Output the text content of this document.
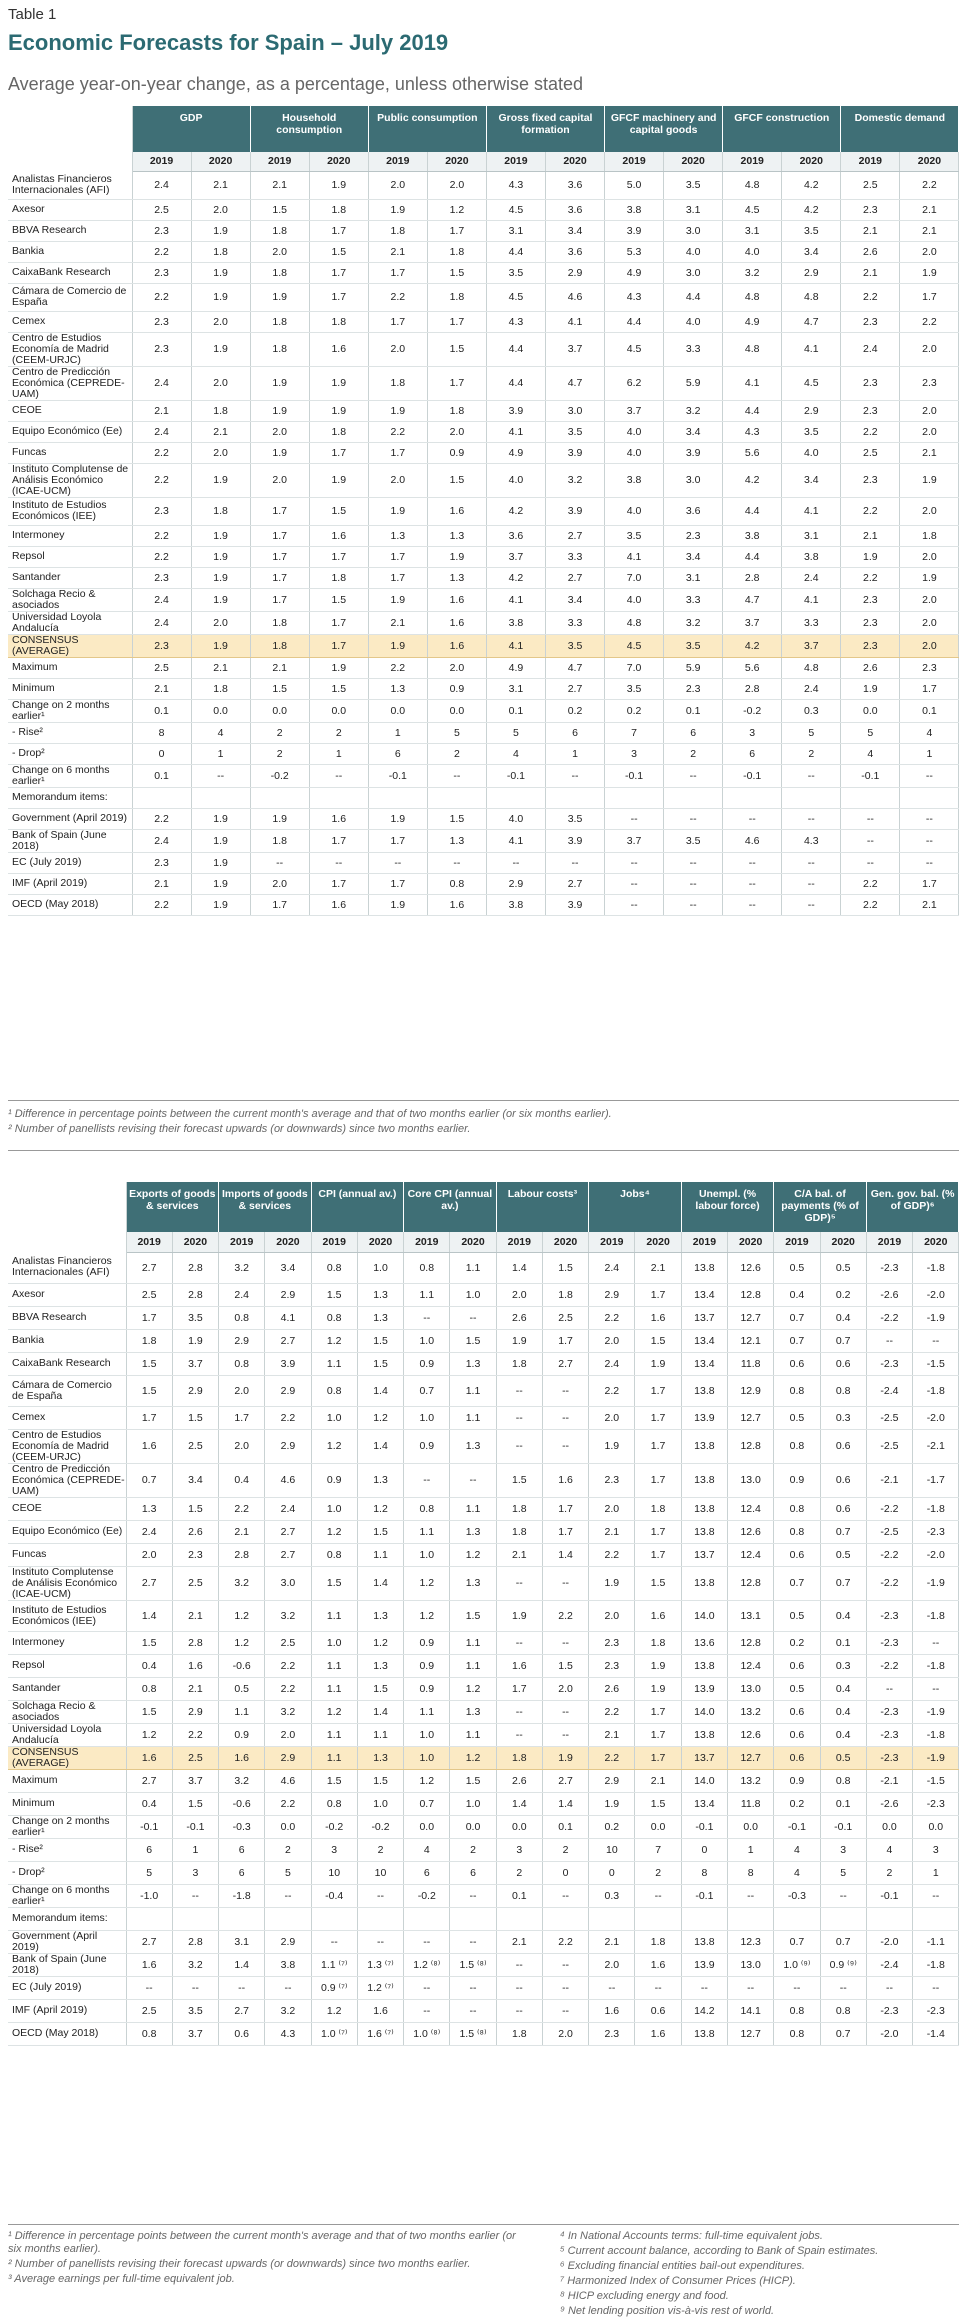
Table 1
Economic Forecasts for Spain – July 2019
Average year-on-year change, as a percentage, unless otherwise stated
	GDP		Household consumption		Public consumption		Gross fixed capital formation		GFCF machinery and capital goods		GFCF construction		Domestic demand	
	2019	2020	2019	2020	2019	2020	2019	2020	2019	2020	2019	2020	2019	2020
Analistas Financieros Internacionales (AFI)	2.4	2.1	2.1	1.9	2.0	2.0	4.3	3.6	5.0	3.5	4.8	4.2	2.5	2.2
Axesor	2.5	2.0	1.5	1.8	1.9	1.2	4.5	3.6	3.8	3.1	4.5	4.2	2.3	2.1
BBVA Research	2.3	1.9	1.8	1.7	1.8	1.7	3.1	3.4	3.9	3.0	3.1	3.5	2.1	2.1
Bankia	2.2	1.8	2.0	1.5	2.1	1.8	4.4	3.6	5.3	4.0	4.0	3.4	2.6	2.0
CaixaBank Research	2.3	1.9	1.8	1.7	1.7	1.5	3.5	2.9	4.9	3.0	3.2	2.9	2.1	1.9
Cámara de Comercio de España	2.2	1.9	1.9	1.7	2.2	1.8	4.5	4.6	4.3	4.4	4.8	4.8	2.2	1.7
Cemex	2.3	2.0	1.8	1.8	1.7	1.7	4.3	4.1	4.4	4.0	4.9	4.7	2.3	2.2
Centro de Estudios Economía de Madrid (CEEM-URJC)	2.3	1.9	1.8	1.6	2.0	1.5	4.4	3.7	4.5	3.3	4.8	4.1	2.4	2.0
Centro de Predicción Económica (CEPREDE-UAM)	2.4	2.0	1.9	1.9	1.8	1.7	4.4	4.7	6.2	5.9	4.1	4.5	2.3	2.3
CEOE	2.1	1.8	1.9	1.9	1.9	1.8	3.9	3.0	3.7	3.2	4.4	2.9	2.3	2.0
Equipo Económico (Ee)	2.4	2.1	2.0	1.8	2.2	2.0	4.1	3.5	4.0	3.4	4.3	3.5	2.2	2.0
Funcas	2.2	2.0	1.9	1.7	1.7	0.9	4.9	3.9	4.0	3.9	5.6	4.0	2.5	2.1
Instituto Complutense de Análisis Económico (ICAE-UCM)	2.2	1.9	2.0	1.9	2.0	1.5	4.0	3.2	3.8	3.0	4.2	3.4	2.3	1.9
Instituto de Estudios Económicos (IEE)	2.3	1.8	1.7	1.5	1.9	1.6	4.2	3.9	4.0	3.6	4.4	4.1	2.2	2.0
Intermoney	2.2	1.9	1.7	1.6	1.3	1.3	3.6	2.7	3.5	2.3	3.8	3.1	2.1	1.8
Repsol	2.2	1.9	1.7	1.7	1.7	1.9	3.7	3.3	4.1	3.4	4.4	3.8	1.9	2.0
Santander	2.3	1.9	1.7	1.8	1.7	1.3	4.2	2.7	7.0	3.1	2.8	2.4	2.2	1.9
Solchaga Recio & asociados	2.4	1.9	1.7	1.5	1.9	1.6	4.1	3.4	4.0	3.3	4.7	4.1	2.3	2.0
Universidad Loyola Andalucía	2.4	2.0	1.8	1.7	2.1	1.6	3.8	3.3	4.8	3.2	3.7	3.3	2.3	2.0
CONSENSUS (AVERAGE)	2.3	1.9	1.8	1.7	1.9	1.6	4.1	3.5	4.5	3.5	4.2	3.7	2.3	2.0
Maximum	2.5	2.1	2.1	1.9	2.2	2.0	4.9	4.7	7.0	5.9	5.6	4.8	2.6	2.3
Minimum	2.1	1.8	1.5	1.5	1.3	0.9	3.1	2.7	3.5	2.3	2.8	2.4	1.9	1.7
Change on 2 months earlier¹	0.1	0.0	0.0	0.0	0.0	0.0	0.1	0.2	0.2	0.1	-0.2	0.3	0.0	0.1
- Rise²	8	4	2	2	1	5	5	6	7	6	3	5	5	4
- Drop²	0	1	2	1	6	2	4	1	3	2	6	2	4	1
Change on 6 months earlier¹	0.1	--	-0.2	--	-0.1	--	-0.1	--	-0.1	--	-0.1	--	-0.1	--
Memorandum items:														
Government (April 2019)	2.2	1.9	1.9	1.6	1.9	1.5	4.0	3.5	--	--	--	--	--	--
Bank of Spain (June 2018)	2.4	1.9	1.8	1.7	1.7	1.3	4.1	3.9	3.7	3.5	4.6	4.3	--	--
EC (July 2019)	2.3	1.9	--	--	--	--	--	--	--	--	--	--	--	--
IMF (April 2019)	2.1	1.9	2.0	1.7	1.7	0.8	2.9	2.7	--	--	--	--	2.2	1.7
OECD (May 2018)	2.2	1.9	1.7	1.6	1.9	1.6	3.8	3.9	--	--	--	--	2.2	2.1
¹ Difference in percentage points between the current month's average and that of two months earlier (or six months earlier).
² Number of panellists revising their forecast upwards (or downwards) since two months earlier.
	Exports of goods & services		Imports of goods & services		CPI (annual av.)		Core CPI (annual av.)		Labour costs³		Jobs⁴		Unempl. (% labour force)		C/A bal. of payments (% of GDP)⁵		Gen. gov. bal. (% of GDP)⁶	
	2019	2020	2019	2020	2019	2020	2019	2020	2019	2020	2019	2020	2019	2020	2019	2020	2019	2020
Analistas Financieros Internacionales (AFI)	2.7	2.8	3.2	3.4	0.8	1.0	0.8	1.1	1.4	1.5	2.4	2.1	13.8	12.6	0.5	0.5	-2.3	-1.8
Axesor	2.5	2.8	2.4	2.9	1.5	1.3	1.1	1.0	2.0	1.8	2.9	1.7	13.4	12.8	0.4	0.2	-2.6	-2.0
BBVA Research	1.7	3.5	0.8	4.1	0.8	1.3	--	--	2.6	2.5	2.2	1.6	13.7	12.7	0.7	0.4	-2.2	-1.9
Bankia	1.8	1.9	2.9	2.7	1.2	1.5	1.0	1.5	1.9	1.7	2.0	1.5	13.4	12.1	0.7	0.7	--	--
CaixaBank Research	1.5	3.7	0.8	3.9	1.1	1.5	0.9	1.3	1.8	2.7	2.4	1.9	13.4	11.8	0.6	0.6	-2.3	-1.5
Cámara de Comercio de España	1.5	2.9	2.0	2.9	0.8	1.4	0.7	1.1	--	--	2.2	1.7	13.8	12.9	0.8	0.8	-2.4	-1.8
Cemex	1.7	1.5	1.7	2.2	1.0	1.2	1.0	1.1	--	--	2.0	1.7	13.9	12.7	0.5	0.3	-2.5	-2.0
Centro de Estudios Economía de Madrid (CEEM-URJC)	1.6	2.5	2.0	2.9	1.2	1.4	0.9	1.3	--	--	1.9	1.7	13.8	12.8	0.8	0.6	-2.5	-2.1
Centro de Predicción Económica (CEPREDE-UAM)	0.7	3.4	0.4	4.6	0.9	1.3	--	--	1.5	1.6	2.3	1.7	13.8	13.0	0.9	0.6	-2.1	-1.7
CEOE	1.3	1.5	2.2	2.4	1.0	1.2	0.8	1.1	1.8	1.7	2.0	1.8	13.8	12.4	0.8	0.6	-2.2	-1.8
Equipo Económico (Ee)	2.4	2.6	2.1	2.7	1.2	1.5	1.1	1.3	1.8	1.7	2.1	1.7	13.8	12.6	0.8	0.7	-2.5	-2.3
Funcas	2.0	2.3	2.8	2.7	0.8	1.1	1.0	1.2	2.1	1.4	2.2	1.7	13.7	12.4	0.6	0.5	-2.2	-2.0
Instituto Complutense de Análisis Económico (ICAE-UCM)	2.7	2.5	3.2	3.0	1.5	1.4	1.2	1.3	--	--	1.9	1.5	13.8	12.8	0.7	0.7	-2.2	-1.9
Instituto de Estudios Económicos (IEE)	1.4	2.1	1.2	3.2	1.1	1.3	1.2	1.5	1.9	2.2	2.0	1.6	14.0	13.1	0.5	0.4	-2.3	-1.8
Intermoney	1.5	2.8	1.2	2.5	1.0	1.2	0.9	1.1	--	--	2.3	1.8	13.6	12.8	0.2	0.1	-2.3	--
Repsol	0.4	1.6	-0.6	2.2	1.1	1.3	0.9	1.1	1.6	1.5	2.3	1.9	13.8	12.4	0.6	0.3	-2.2	-1.8
Santander	0.8	2.1	0.5	2.2	1.1	1.5	0.9	1.2	1.7	2.0	2.6	1.9	13.9	13.0	0.5	0.4	--	--
Solchaga Recio & asociados	1.5	2.9	1.1	3.2	1.2	1.4	1.1	1.3	--	--	2.2	1.7	14.0	13.2	0.6	0.4	-2.3	-1.9
Universidad Loyola Andalucía	1.2	2.2	0.9	2.0	1.1	1.1	1.0	1.1	--	--	2.1	1.7	13.8	12.6	0.6	0.4	-2.3	-1.8
CONSENSUS (AVERAGE)	1.6	2.5	1.6	2.9	1.1	1.3	1.0	1.2	1.8	1.9	2.2	1.7	13.7	12.7	0.6	0.5	-2.3	-1.9
Maximum	2.7	3.7	3.2	4.6	1.5	1.5	1.2	1.5	2.6	2.7	2.9	2.1	14.0	13.2	0.9	0.8	-2.1	-1.5
Minimum	0.4	1.5	-0.6	2.2	0.8	1.0	0.7	1.0	1.4	1.4	1.9	1.5	13.4	11.8	0.2	0.1	-2.6	-2.3
Change on 2 months earlier¹	-0.1	-0.1	-0.3	0.0	-0.2	-0.2	0.0	0.0	0.0	0.1	0.2	0.0	-0.1	0.0	-0.1	-0.1	0.0	0.0
- Rise²	6	1	6	2	3	2	4	2	3	2	10	7	0	1	4	3	4	3
- Drop²	5	3	6	5	10	10	6	6	2	0	0	2	8	8	4	5	2	1
Change on 6 months earlier¹	-1.0	--	-1.8	--	-0.4	--	-0.2	--	0.1	--	0.3	--	-0.1	--	-0.3	--	-0.1	--
Memorandum items:																		
Government (April 2019)	2.7	2.8	3.1	2.9	--	--	--	--	2.1	2.2	2.1	1.8	13.8	12.3	0.7	0.7	-2.0	-1.1
Bank of Spain (June 2018)	1.6	3.2	1.4	3.8	1.1 ⁽⁷⁾	1.3 ⁽⁷⁾	1.2 ⁽⁸⁾	1.5 ⁽⁸⁾	--	--	2.0	1.6	13.9	13.0	1.0 ⁽⁹⁾	0.9 ⁽⁹⁾	-2.4	-1.8
EC (July 2019)	--	--	--	--	0.9 ⁽⁷⁾	1.2 ⁽⁷⁾	--	--	--	--	--	--	--	--	--	--	--	--
IMF (April 2019)	2.5	3.5	2.7	3.2	1.2	1.6	--	--	--	--	1.6	0.6	14.2	14.1	0.8	0.8	-2.3	-2.3
OECD (May 2018)	0.8	3.7	0.6	4.3	1.0 ⁽⁷⁾	1.6 ⁽⁷⁾	1.0 ⁽⁸⁾	1.5 ⁽⁸⁾	1.8	2.0	2.3	1.6	13.8	12.7	0.8	0.7	-2.0	-1.4
¹ Difference in percentage points between the current month's average and that of two months earlier (or six months earlier).
² Number of panellists revising their forecast upwards (or downwards) since two months earlier.
³ Average earnings per full-time equivalent job.
⁴ In National Accounts terms: full-time equivalent jobs.
⁵ Current account balance, according to Bank of Spain estimates.
⁶ Excluding financial entities bail-out expenditures.
⁷ Harmonized Index of Consumer Prices (HICP).
⁸ HICP excluding energy and food.
⁹ Net lending position vis-à-vis rest of world.
